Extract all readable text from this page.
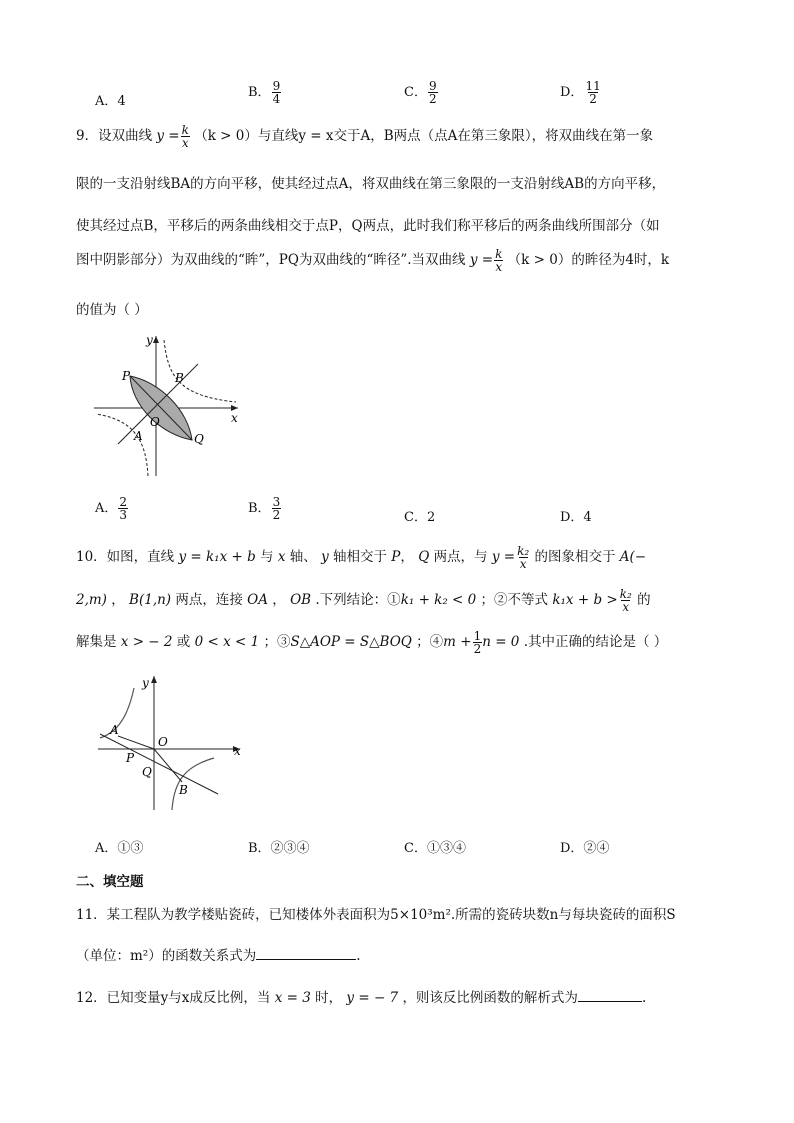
A．4
B． $\frac{9}{4}$	C． $\frac{9}{2}$	D． $\frac{11}{2}$
9．设双曲线 $y = \frac{k}{x} (k > 0)$与直线y = x交于A，B两点（点A在第三象限），将双曲线在第一象
限的一支沿射线BA的方向平移，使其经过点A，将双曲线在第三象限的一支沿射线AB的方向平移，
使其经过点B，平移后的两条曲线相交于点P，Q两点，此时我们称平移后的两条曲线所围部分（如
图中阴影部分）为双曲线的“眸”，PQ为双曲线的“眸径”.当双曲线 $y = \frac{k}{x} (k > 0)$的眸径为4时，k
的值为（ ）
P	B
O
A	Q
x
y
A． $\frac{2}{3}$	B． $\frac{3}{2}$	C．2	D．4
10．如图，直线 y = k₁x + b 与 x 轴、 y 轴相交于 P， Q 两点，与 $y = \frac{\text{k₂}}{x}$ 的图象相交于 A(−
2,m) ， B(1,n) 两点，连接 OA ， OB .下列结论：①k₁ + k₂ < 0 ；②不等式 $k_1x + b > \frac{\text{k₂}}{x}$ 的
解集是 x > − 2 或 0 < x < 1 ；③S△AOP = S△BOQ ；④m + $\frac{1}{2}$ n = 0 .其中正确的结论是（ ）
y
A
O
x
P
Q
B
A．①③	B．②③④	C．①③④	D．②④
二、填空题
11．某工程队为教学楼贴瓷砖，已知楼体外表面积为5×10³m².所需的瓷砖块数n与每块瓷砖的面积S
（单位：m²）的函数关系式为	.
12．已知变量y与x成反比例，当 x = 3 时， y = − 7 ，则该反比例函数的解析式为	.
